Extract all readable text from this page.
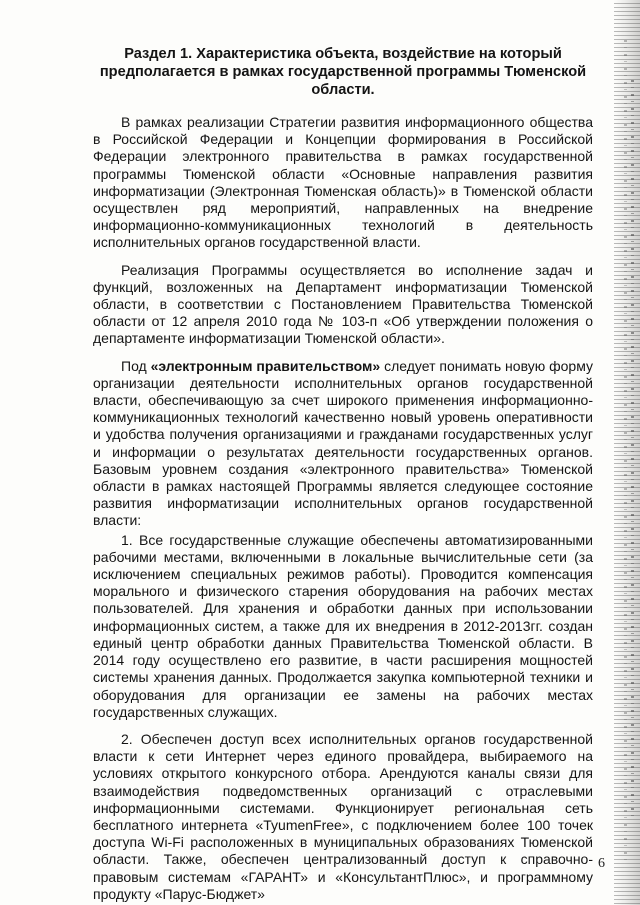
Раздел 1. Характеристика объекта, воздействие на который предполагается в рамках государственной программы Тюменской области.

В рамках реализации Стратегии развития информационного общества в Российской Федерации и Концепции формирования в Российской Федерации электронного правительства в рамках государственной программы Тюменской области «Основные направления развития информатизации (Электронная Тюменская область)» в Тюменской области осуществлен ряд мероприятий, направленных на внедрение информационно-коммуникационных технологий в деятельность исполнительных органов государственной власти.

Реализация Программы осуществляется во исполнение задач и функций, возложенных на Департамент информатизации Тюменской области, в соответствии с Постановлением Правительства Тюменской области от 12 апреля 2010 года № 103-п «Об утверждении положения о департаменте информатизации Тюменской области».

Под «электронным правительством» следует понимать новую форму организации деятельности исполнительных органов государственной власти, обеспечивающую за счет широкого применения информационно-коммуникационных технологий качественно новый уровень оперативности и удобства получения организациями и гражданами государственных услуг и информации о результатах деятельности государственных органов. Базовым уровнем создания «электронного правительства» Тюменской области в рамках настоящей Программы является следующее состояние развития информатизации исполнительных органов государственной власти:

1. Все государственные служащие обеспечены автоматизированными рабочими местами, включенными в локальные вычислительные сети (за исключением специальных режимов работы). Проводится компенсация морального и физического старения оборудования на рабочих местах пользователей. Для хранения и обработки данных при использовании информационных систем, а также для их внедрения в 2012-2013гг. создан единый центр обработки данных Правительства Тюменской области. В 2014 году осуществлено его развитие, в части расширения мощностей системы хранения данных. Продолжается закупка компьютерной техники и оборудования для организации ее замены на рабочих местах государственных служащих.

2. Обеспечен доступ всех исполнительных органов государственной власти к сети Интернет через единого провайдера, выбираемого на условиях открытого конкурсного отбора. Арендуются каналы связи для взаимодействия подведомственных организаций с отраслевыми информационными системами. Функционирует региональная сеть бесплатного интернета «TyumenFree», с подключением более 100 точек доступа Wi-Fi расположенных в муниципальных образованиях Тюменской области. Также, обеспечен централизованный доступ к справочно-правовым системам «ГАРАНТ» и «КонсультантПлюс», и программному продукту «Парус-Бюджет»

6
